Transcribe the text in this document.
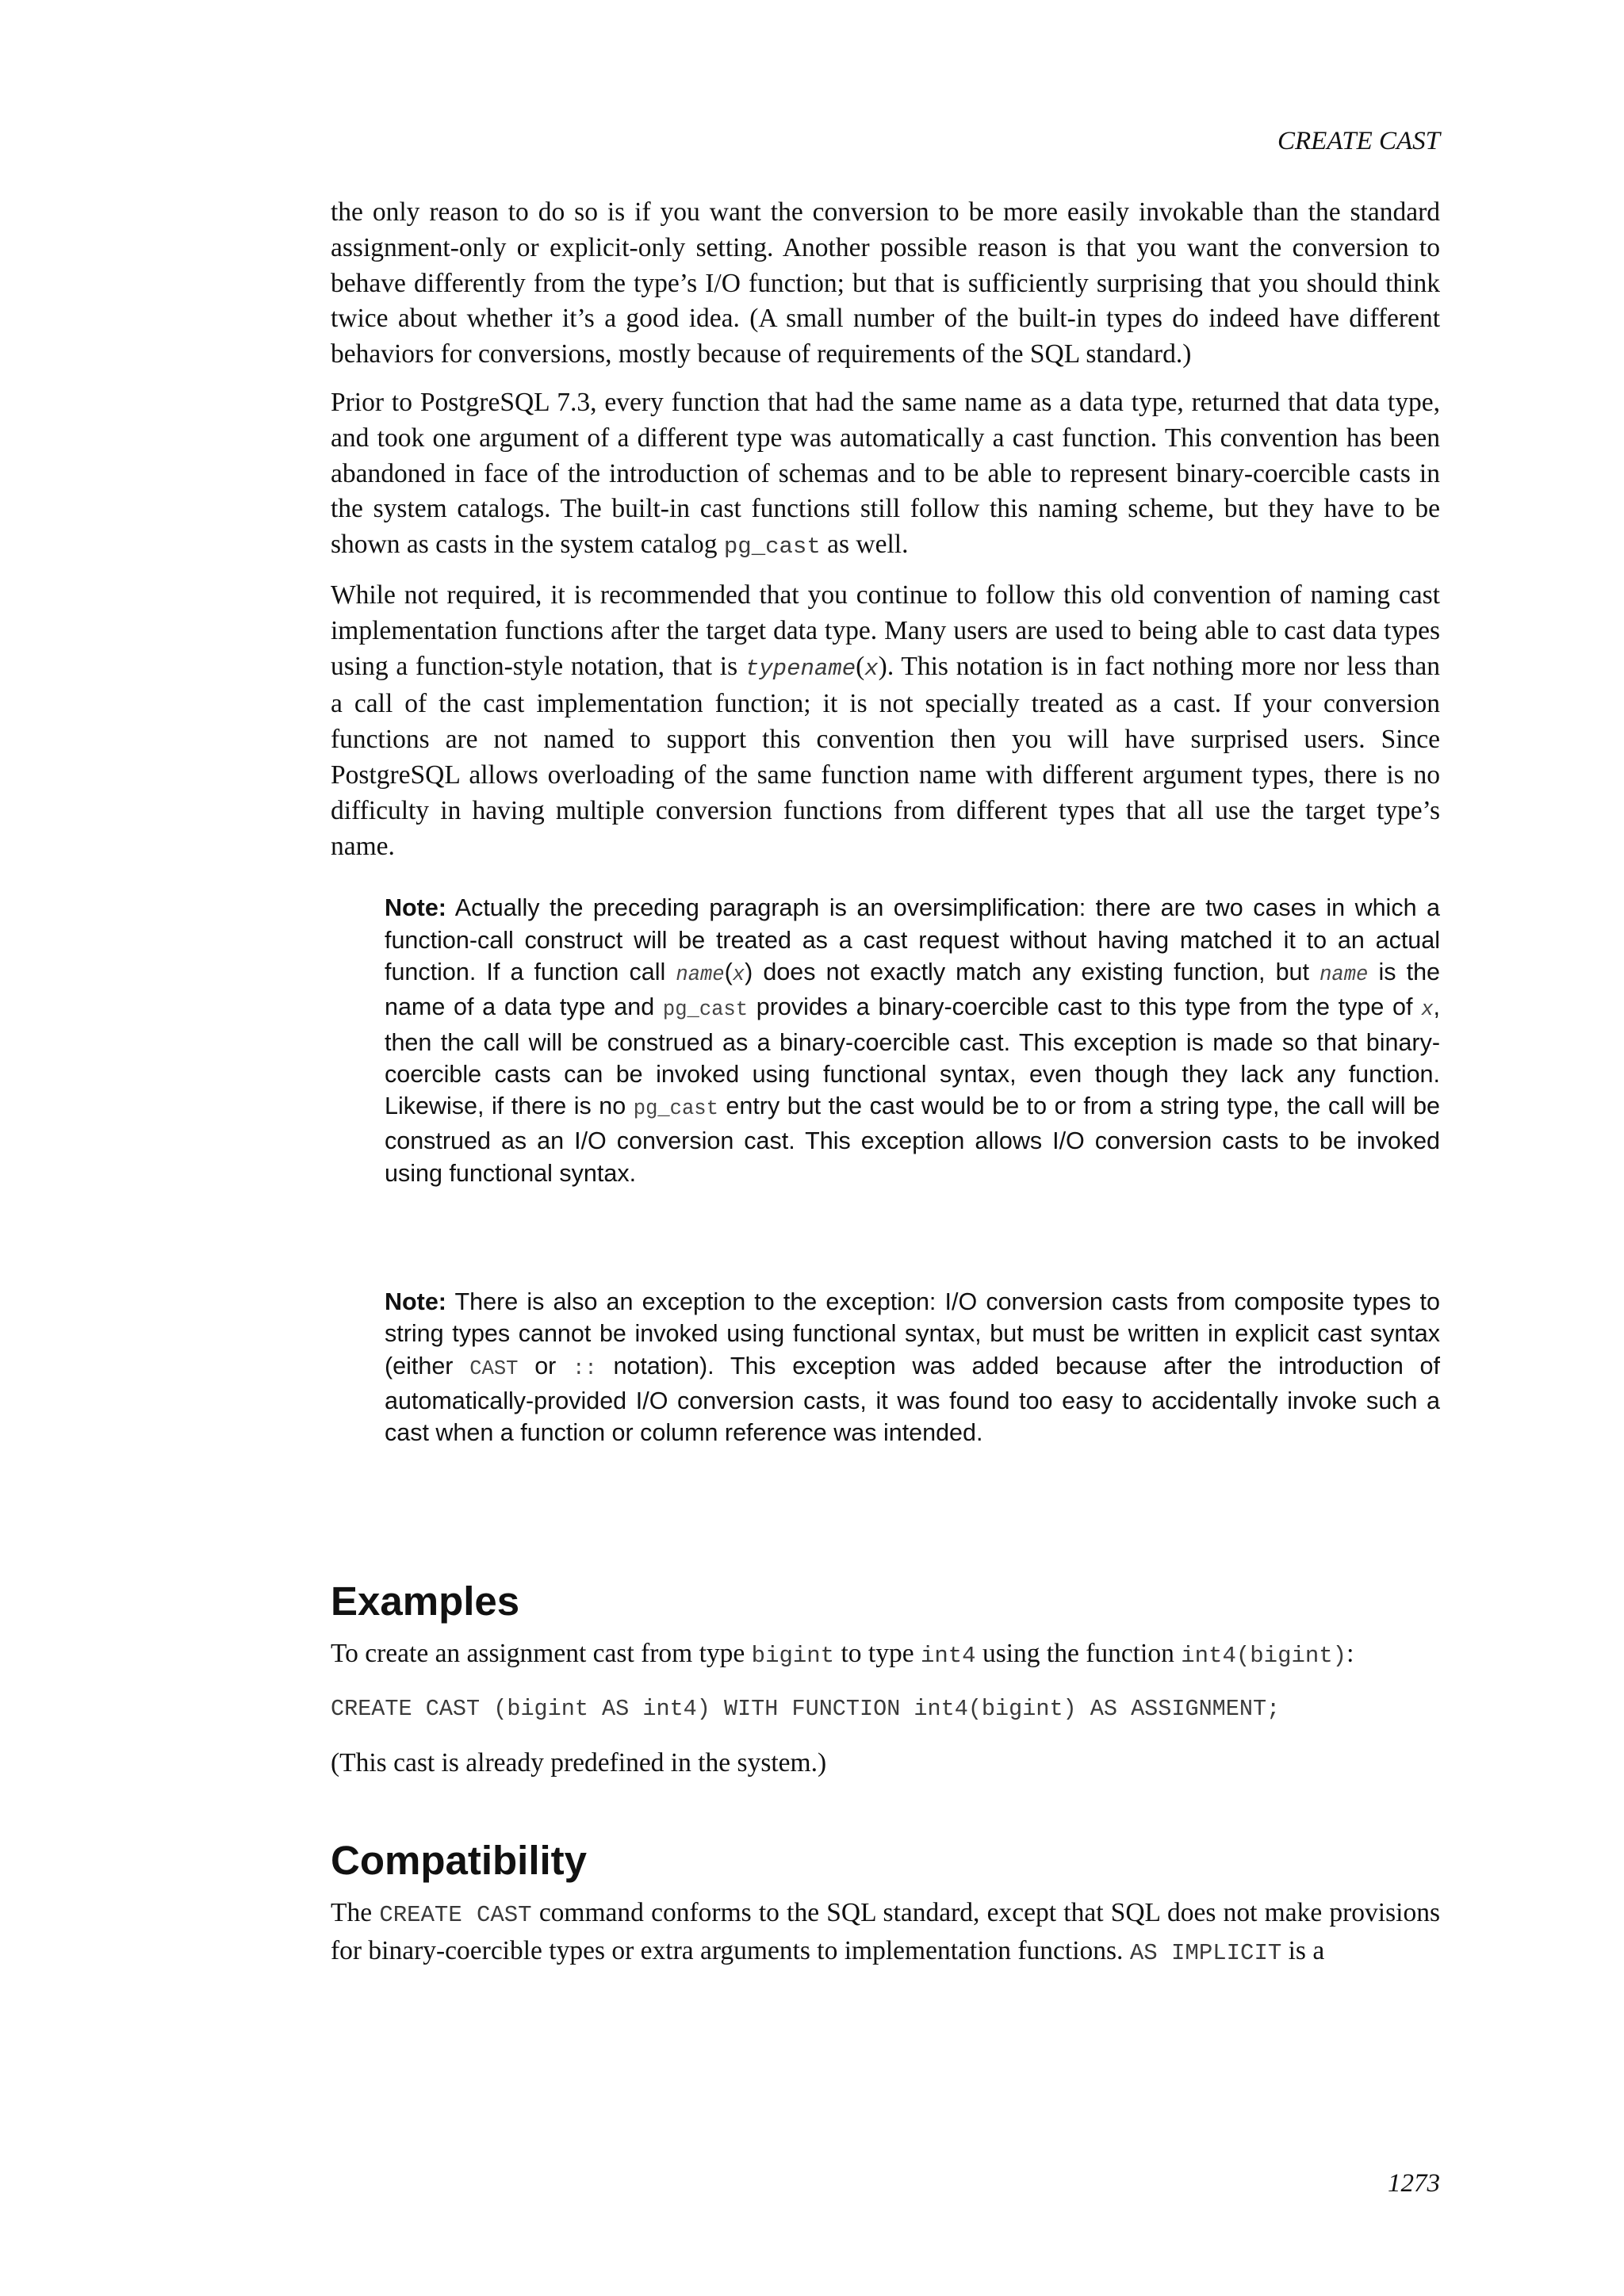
CREATE CAST

the only reason to do so is if you want the conversion to be more easily invokable than the standard assignment-only or explicit-only setting. Another possible reason is that you want the conversion to behave differently from the type’s I/O function; but that is sufficiently surprising that you should think twice about whether it’s a good idea. (A small number of the built-in types do indeed have different behaviors for conversions, mostly because of requirements of the SQL standard.)

Prior to PostgreSQL 7.3, every function that had the same name as a data type, returned that data type, and took one argument of a different type was automatically a cast function. This convention has been abandoned in face of the introduction of schemas and to be able to represent binary-coercible casts in the system catalogs. The built-in cast functions still follow this naming scheme, but they have to be shown as casts in the system catalog pg_cast as well.

While not required, it is recommended that you continue to follow this old convention of naming cast implementation functions after the target data type. Many users are used to being able to cast data types using a function-style notation, that is typename(x). This notation is in fact nothing more nor less than a call of the cast implementation function; it is not specially treated as a cast. If your conversion functions are not named to support this convention then you will have surprised users. Since PostgreSQL allows overloading of the same function name with different argument types, there is no difficulty in having multiple conversion functions from different types that all use the target type’s name.

Note: Actually the preceding paragraph is an oversimplification: there are two cases in which a function-call construct will be treated as a cast request without having matched it to an actual function. If a function call name(x) does not exactly match any existing function, but name is the name of a data type and pg_cast provides a binary-coercible cast to this type from the type of x, then the call will be construed as a binary-coercible cast. This exception is made so that binary-coercible casts can be invoked using functional syntax, even though they lack any function. Likewise, if there is no pg_cast entry but the cast would be to or from a string type, the call will be construed as an I/O conversion cast. This exception allows I/O conversion casts to be invoked using functional syntax.

Note: There is also an exception to the exception: I/O conversion casts from composite types to string types cannot be invoked using functional syntax, but must be written in explicit cast syntax (either CAST or :: notation). This exception was added because after the introduction of automatically-provided I/O conversion casts, it was found too easy to accidentally invoke such a cast when a function or column reference was intended.

Examples

To create an assignment cast from type bigint to type int4 using the function int4(bigint):

CREATE CAST (bigint AS int4) WITH FUNCTION int4(bigint) AS ASSIGNMENT;

(This cast is already predefined in the system.)

Compatibility

The CREATE CAST command conforms to the SQL standard, except that SQL does not make provisions for binary-coercible types or extra arguments to implementation functions. AS IMPLICIT is a

1273
